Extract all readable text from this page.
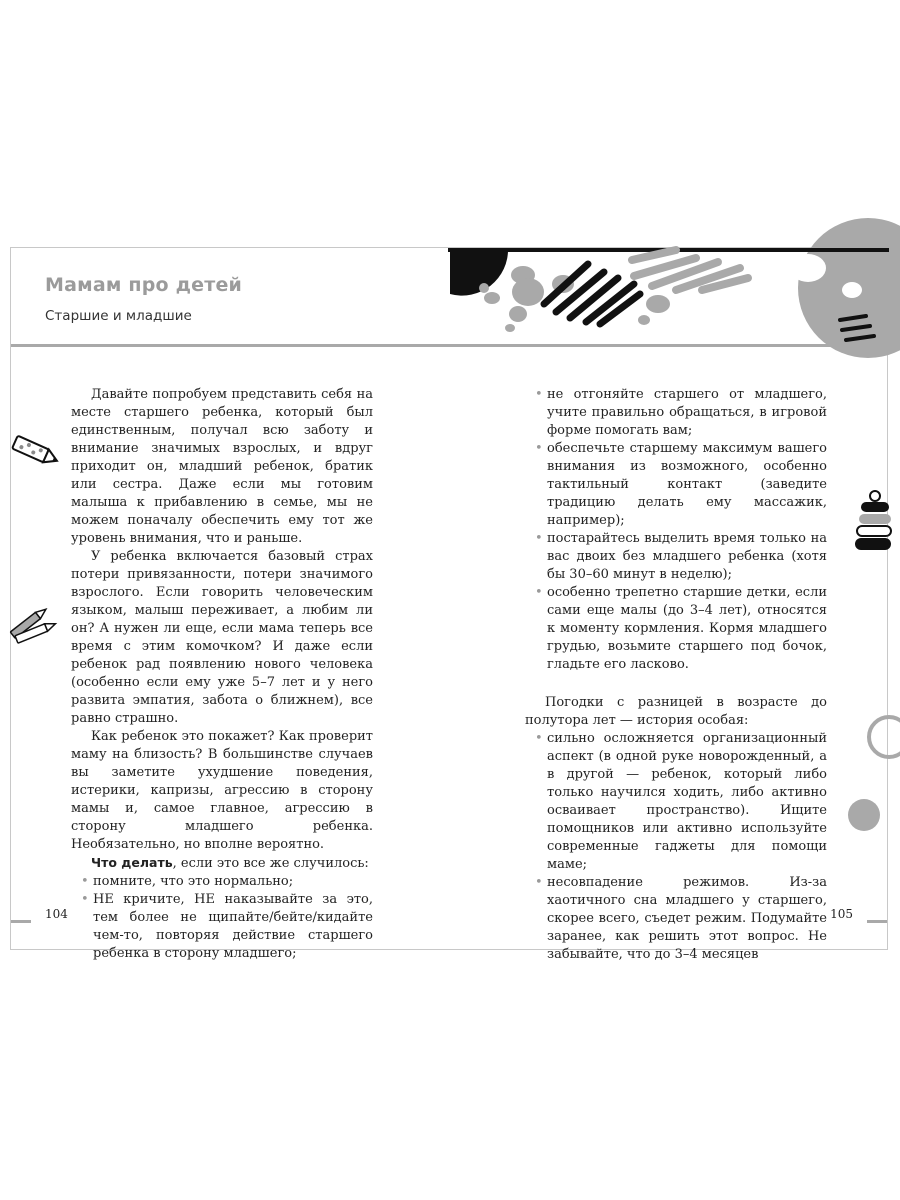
Мамам про детей
Старшие и младшие

Давайте попробуем представить себя на месте старшего ребенка, который был единственным, получал всю заботу и внимание значимых взрослых, и вдруг приходит он, младший ребенок, братик или сестра. Даже если мы готовим малыша к прибавлению в семье, мы не можем поначалу обеспечить ему тот же уровень внимания, что и раньше.

У ребенка включается базовый страх потери привязанности, потери значимого взрослого. Если говорить человеческим языком, малыш переживает, а любим ли он? А нужен ли еще, если мама теперь все время с этим комочком? И даже если ребенок рад появлению нового человека (особенно если ему уже 5–7 лет и у него развита эмпатия, забота о ближнем), все равно страшно.

Как ребенок это покажет? Как проверит маму на близость? В большинстве случаев вы заметите ухудшение поведения, истерики, капризы, агрессию в сторону мамы и, самое главное, агрессию в сторону младшего ребенка. Необязательно, но вполне вероятно.

Что делать, если это все же случилось:
• помните, что это нормально;
• НЕ кричите, НЕ наказывайте за это, тем более не щипайте/бейте/кидайте чем-то, повторяя действие старшего ребенка в сторону младшего;
• не отгоняйте старшего от младшего, учите правильно обращаться, в игровой форме помогать вам;
• обеспечьте старшему максимум вашего внимания из возможного, особенно тактильный контакт (заведите традицию делать ему массажик, например);
• постарайтесь выделить время только на вас двоих без младшего ребенка (хотя бы 30–60 минут в неделю);
• особенно трепетно старшие детки, если сами еще малы (до 3–4 лет), относятся к моменту кормления. Кормя младшего грудью, возьмите старшего под бочок, гладьте его ласково.

Погодки с разницей в возрасте до полутора лет — история особая:

• сильно осложняется организационный аспект (в одной руке новорожденный, а в другой — ребенок, который либо только научился ходить, либо активно осваивает пространство). Ищите помощников или активно используйте современные гаджеты для помощи маме;
• несовпадение режимов. Из-за хаотичного сна младшего у старшего, скорее всего, съедет режим. Подумайте заранее, как решить этот вопрос. Не забывайте, что до 3–4 месяцев
104	105
